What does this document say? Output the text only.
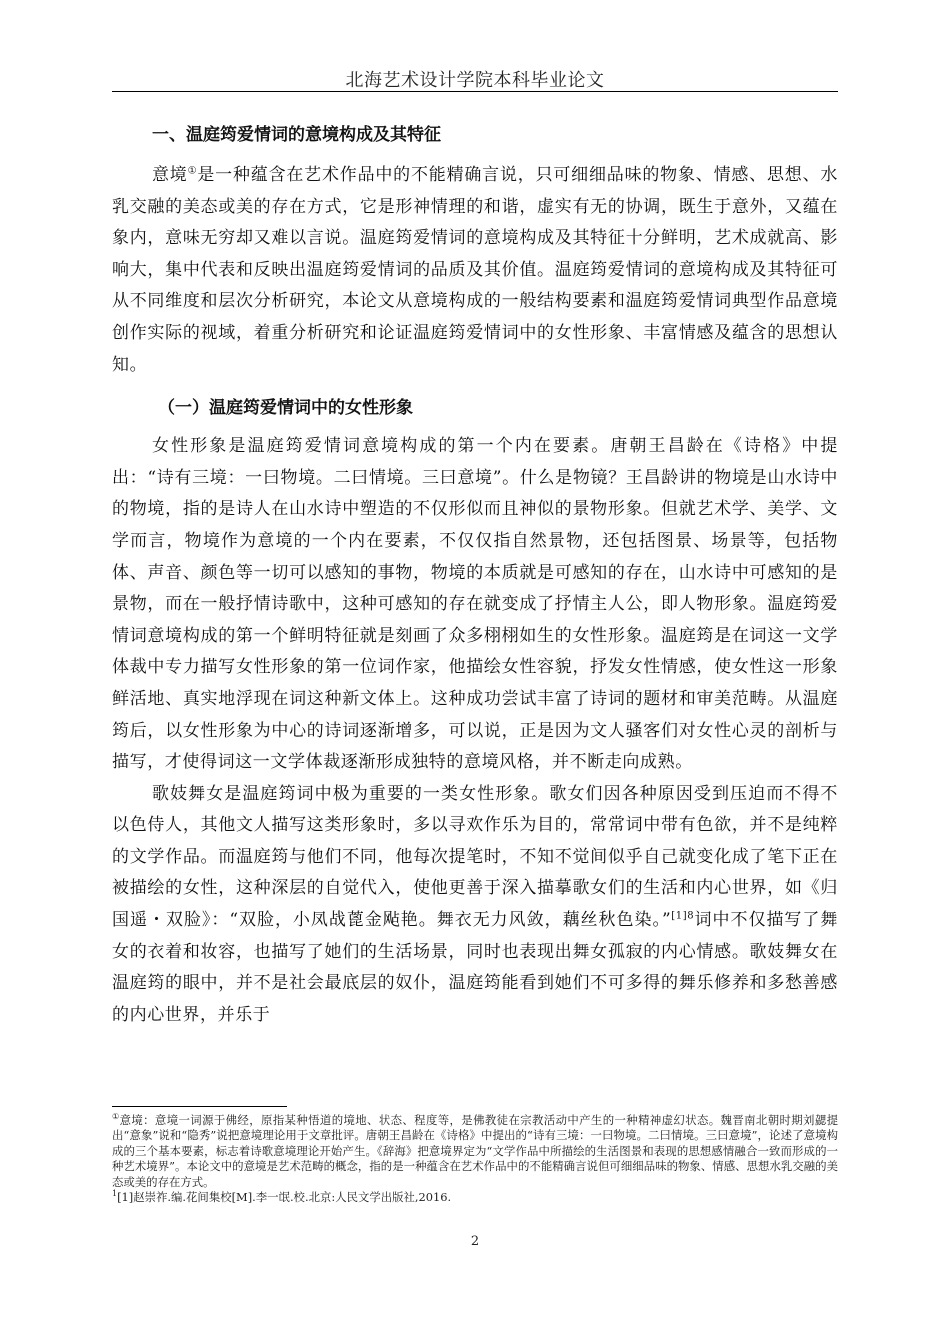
北海艺术设计学院本科毕业论文
一、温庭筠爱情词的意境构成及其特征

意境①是一种蕴含在艺术作品中的不能精确言说，只可细细品味的物象、情感、思想、水乳交融的美态或美的存在方式，它是形神情理的和谐，虚实有无的协调，既生于意外，又蕴在象内，意味无穷却又难以言说。温庭筠爱情词的意境构成及其特征十分鲜明，艺术成就高、影响大，集中代表和反映出温庭筠爱情词的品质及其价值。温庭筠爱情词的意境构成及其特征可从不同维度和层次分析研究，本论文从意境构成的一般结构要素和温庭筠爱情词典型作品意境创作实际的视域，着重分析研究和论证温庭筠爱情词中的女性形象、丰富情感及蕴含的思想认知。

（一）温庭筠爱情词中的女性形象

女性形象是温庭筠爱情词意境构成的第一个内在要素。唐朝王昌龄在《诗格》中提出：“诗有三境：一曰物境。二曰情境。三曰意境”。什么是物镜？王昌龄讲的物境是山水诗中的物境，指的是诗人在山水诗中塑造的不仅形似而且神似的景物形象。但就艺术学、美学、文学而言，物境作为意境的一个内在要素，不仅仅指自然景物，还包括图景、场景等，包括物体、声音、颜色等一切可以感知的事物，物境的本质就是可感知的存在，山水诗中可感知的是景物，而在一般抒情诗歌中，这种可感知的存在就变成了抒情主人公，即人物形象。温庭筠爱情词意境构成的第一个鲜明特征就是刻画了众多栩栩如生的女性形象。温庭筠是在词这一文学体裁中专力描写女性形象的第一位词作家，他描绘女性容貌，抒发女性情感，使女性这一形象鲜活地、真实地浮现在词这种新文体上。这种成功尝试丰富了诗词的题材和审美范畴。从温庭筠后，以女性形象为中心的诗词逐渐增多，可以说，正是因为文人骚客们对女性心灵的剖析与描写，才使得词这一文学体裁逐渐形成独特的意境风格，并不断走向成熟。

歌妓舞女是温庭筠词中极为重要的一类女性形象。歌女们因各种原因受到压迫而不得不以色侍人，其他文人描写这类形象时，多以寻欢作乐为目的，常常词中带有色欲，并不是纯粹的文学作品。而温庭筠与他们不同，他每次提笔时，不知不觉间似乎自己就变化成了笔下正在被描绘的女性，这种深层的自觉代入，使他更善于深入描摹歌女们的生活和内心世界，如《归国遥・双脸》：“双脸，小凤战蓖金飐艳。舞衣无力风敛，藕丝秋色染。”$^{[1]8}$词中不仅描写了舞女的衣着和妆容，也描写了她们的生活场景，同时也表现出舞女孤寂的内心情感。歌妓舞女在温庭筠的眼中，并不是社会最底层的奴仆，温庭筠能看到她们不可多得的舞乐修养和多愁善感的内心世界，并乐于

①意境：意境一词源于佛经，原指某种悟道的境地、状态、程度等，是佛教徒在宗教活动中产生的一种精神虚幻状态。魏晋南北朝时期刘勰提出“意象”说和“隐秀”说把意境理论用于文章批评。唐朝王昌龄在《诗格》中提出的“诗有三境：一曰物境。二曰情境。三曰意境”，论述了意境构成的三个基本要素，标志着诗歌意境理论开始产生。《辞海》把意境界定为“文学作品中所描绘的生活图景和表现的思想感情融合一致而形成的一种艺术境界”。本论文中的意境是艺术范畴的概念，指的是一种蕴含在艺术作品中的不能精确言说但可细细品味的物象、情感、思想水乳交融的美态或美的存在方式。

$^1$[1]赵崇祚.编.花间集校[M].李一氓.校.北京:人民文学出版社,2016.

2
